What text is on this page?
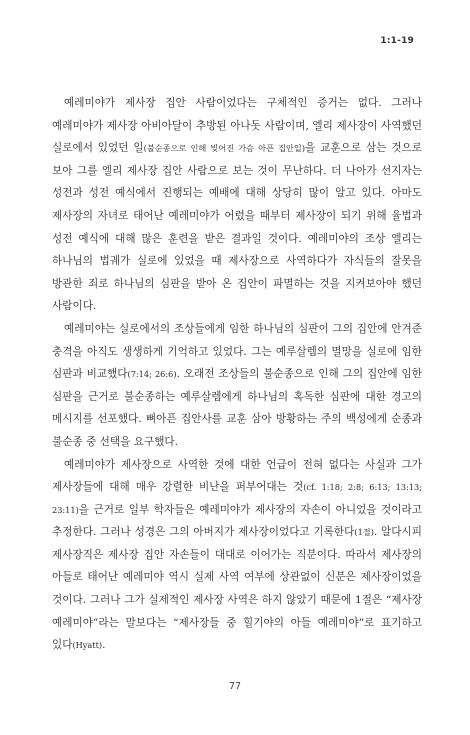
1:1-19

예레미야가 제사장 집안 사람이었다는 구체적인 증거는 없다. 그러나 예레미야가 제사장 아비아달이 추방된 아나돗 사람이며, 엘리 제사장이 사역했던 실로에서 있었던 일(불순종으로 인해 빚어진 가슴 아픈 집안일)을 교훈으로 삼는 것으로 보아 그를 엘리 제사장 집안 사람으로 보는 것이 무난하다. 더 나아가 선지자는 성전과 성전 예식에서 진행되는 예배에 대해 상당히 많이 알고 있다. 아마도 제사장의 자녀로 태어난 예레미야가 어렸을 때부터 제사장이 되기 위해 율법과 성전 예식에 대해 많은 훈련을 받은 결과일 것이다. 예레미야의 조상 엘리는 하나님의 법궤가 실로에 있었을 때 제사장으로 사역하다가 자식들의 잘못을 방관한 죄로 하나님의 심판을 받아 온 집안이 파멸하는 것을 지켜보아야 했던 사람이다.

예레미야는 실로에서의 조상들에게 임한 하나님의 심판이 그의 집안에 안겨준 충격을 아직도 생생하게 기억하고 있었다. 그는 예루살렘의 멸망을 실로에 임한 심판과 비교했다(7:14; 26:6). 오래전 조상들의 불순종으로 인해 그의 집안에 임한 심판을 근거로 불순종하는 예루살렘에게 하나님의 혹독한 심판에 대한 경고의 메시지를 선포했다. 뼈아픈 집안사를 교훈 삼아 방황하는 주의 백성에게 순종과 불순종 중 선택을 요구했다.

예레미야가 제사장으로 사역한 것에 대한 언급이 전혀 없다는 사실과 그가 제사장들에 대해 매우 강렬한 비난을 퍼부어대는 것(cf. 1:18; 2:8; 6:13; 13:13; 23:11)을 근거로 일부 학자들은 예레미야가 제사장의 자손이 아니었을 것이라고 추정한다. 그러나 성경은 그의 아버지가 제사장이었다고 기록한다(1절). 알다시피 제사장직은 제사장 집안 자손들이 대대로 이어가는 직분이다. 따라서 제사장의 아들로 태어난 예레미야 역시 실제 사역 여부에 상관없이 신분은 제사장이었을 것이다. 그러나 그가 실제적인 제사장 사역은 하지 않았기 때문에 1절은 “제사장 예레미야”라는 말보다는 “제사장들 중 힐기야의 아들 예레미야”로 표기하고 있다(Hyatt).

77
